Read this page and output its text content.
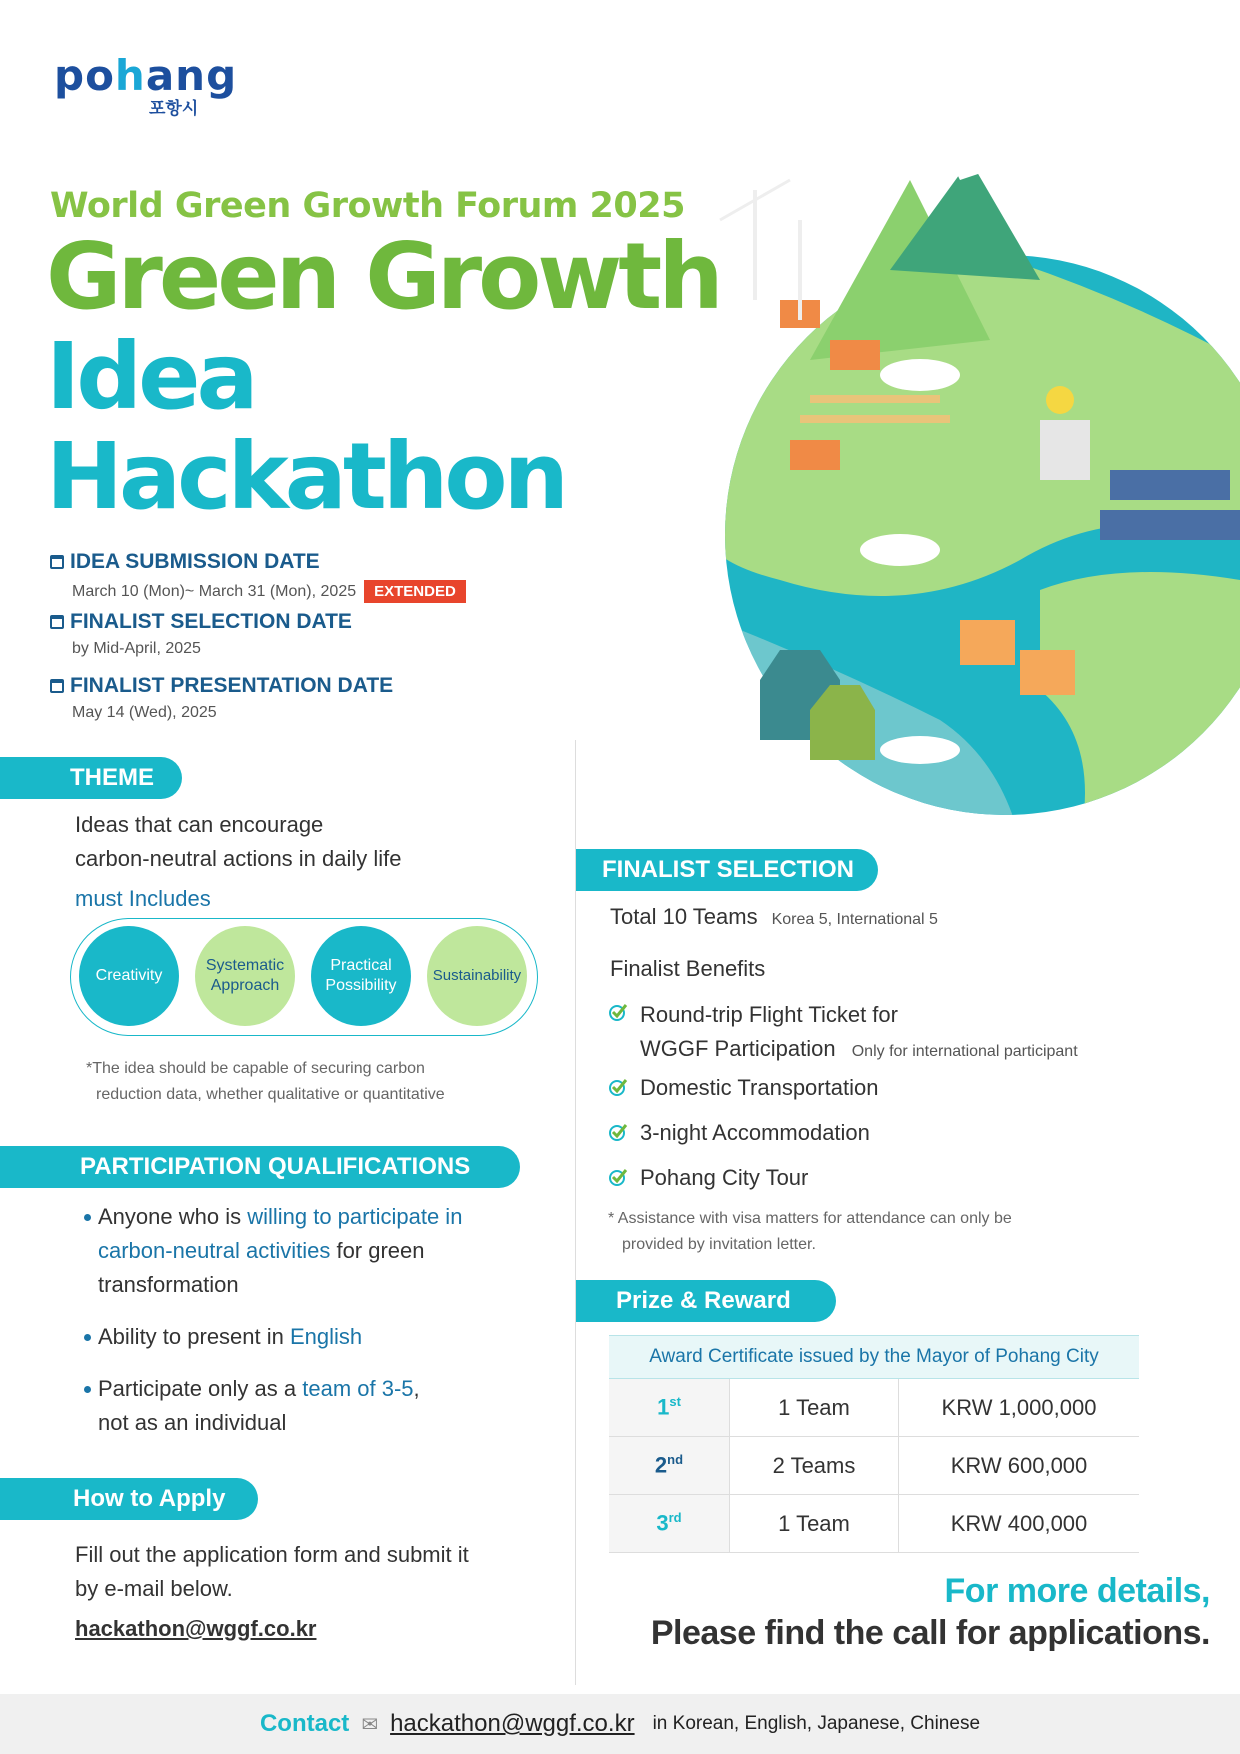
pohang
포항시
World Green Growth Forum 2025
Green Growth
Idea
Hackathon
IDEA SUBMISSION DATE
March 10 (Mon)~ March 31 (Mon), 2025	EXTENDED
FINALIST SELECTION DATE
by Mid-April, 2025
FINALIST PRESENTATION DATE
May 14 (Wed), 2025
THEME
Ideas that can encourage
carbon-neutral actions in daily life
must Includes
Creativity
Systematic
Approach
Practical
Possibility
Sustainability
*The idea should be capable of securing carbon
reduction data, whether qualitative or quantitative
PARTICIPATION QUALIFICATIONS
Anyone who is willing to participate in
carbon-neutral activities for green
transformation
Ability to present in English
Participate only as a team of 3-5,
not as an individual
How to Apply
Fill out the application form and submit it
by e-mail below.
hackathon@wggf.co.kr
FINALIST SELECTION
Total 10 Teams Korea 5, International 5
Finalist Benefits
Round-trip Flight Ticket for
WGGF Participation Only for international participant
Domestic Transportation
3-night Accommodation
Pohang City Tour
* Assistance with visa matters for attendance can only be
provided by invitation letter.
Prize & Reward
Award Certificate issued by the Mayor of Pohang City		
1st	1 Team	KRW 1,000,000
2nd	2 Teams	KRW 600,000
3rd	1 Team	KRW 400,000
For more details,
Please find the call for applications.
Contact ✉ hackathon@wggf.co.kr in Korean, English, Japanese, Chinese
